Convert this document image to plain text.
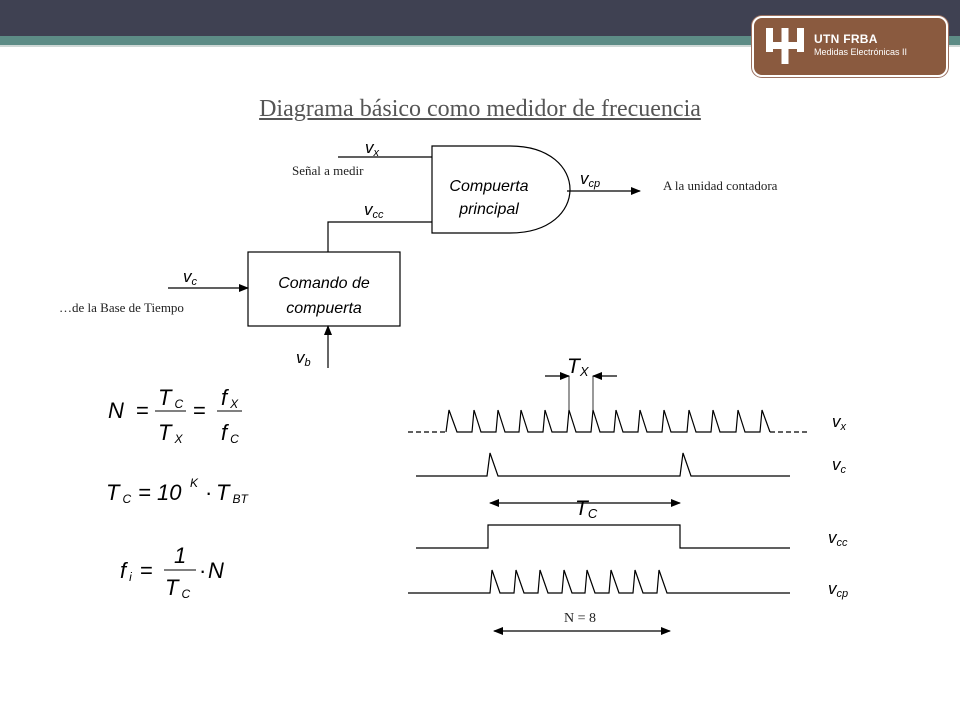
UTN FRBA
Medidas Electrónicas II
Diagrama básico como medidor de frecuencia
Compuerta
principal
Comando de
compuerta
vx
vcc
vcp
vc
vb
Señal a medir
A la unidad contadora
…de la Base de Tiempo
N =
T C
T X
=
f X
f C
T C = 10 K · TBT
fi =
1
T C
· N
TX
TC
vx
vc
vcc
vcp
N = 8
